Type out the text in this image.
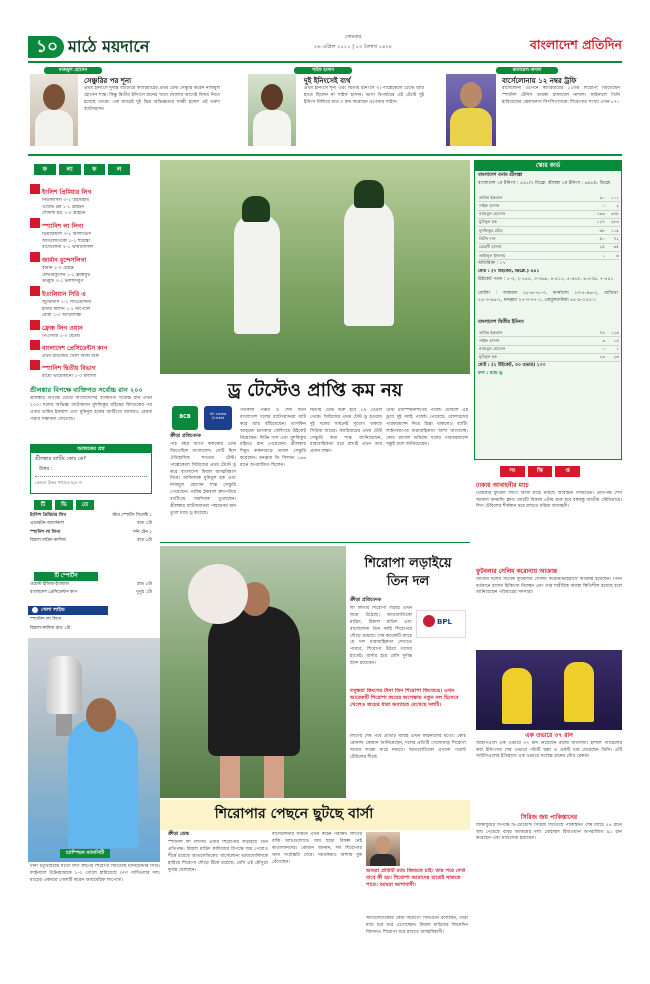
১০ মাঠে ময়দানে	সোমবার
২৬ এপ্রিল ২০২১ | ১৩ বৈশাখ ১৪২৮	বাংলাদেশ প্রতিদিন
নাজমুল হোসেন
সেঞ্চুরির পর শূন্য
প্রথম ইনিংসে দুর্দান্ত ব্যাটিংয়ে ক্যারিয়ারের প্রথম টেস্ট সেঞ্চুরি করেন নাজমুল হোসেন শান্ত। কিন্তু দ্বিতীয় ইনিংসে রানের খাতা খোলার আগেই বিদায় নিতে হয়েছে তাকে। এক ম্যাচেই দুই ভিন্ন অভিজ্ঞতার সাক্ষী হলেন এই তরুণ ব্যাটসম্যান।
সাইফ হাসান
দুই ইনিংসেই ব্যর্থ
প্রথম ইনিংসে শূন্য এবং দ্বিতীয় ইনিংসে ৩। পাল্লেকেলে টেস্টে ব্যাট হাতে ছিলেন না সাইফ হাসান। ভাগ্য বিপর্যয়ের এই টেস্টে দুই ইনিংস মিলিয়ে মাত্র ৩ রান করেছেন ওপেনার সাইফ।
রাফায়েল নাদাল
বার্সেলোনায় ১২ নম্বর ট্রফি
বার্সেলোনা ওপেনে ক্যারিয়ারের ১২তম শিরোপা জিতেছেন স্প্যানিশ টেনিস তারকা রাফায়েল নাদাল। ফাইনালে তিনি হারিয়েছেন স্তেফানোস সিৎসিপাসকে। শিরোপার সংখ্যা এখন ৮৭।
ফ	লা	ফ	ল
ইংলিশ প্রিমিয়ার লিগ
নিউক্যাসল ৩-২ উইস্টহাম
ওয়েস্ট ব্রম ১-১ ব্রাইটন
শেফিল্ড ইউ ১-০ ব্রাইটন
স্প্যানিশ লা লিগা
ভিয়ারিয়াল ৩-২ আলাভেস
আতলেতিকো ২-১ হুয়েস্কা
বার্সেলোনা ২-১ ভায়াদোলিদ
জার্মান বুন্দেসলিগা
বায়ার্ন ২-০ মেইঞ্জ
লেভারকুসেন ১-১ ফ্রাঙ্কফুর্ট
ডর্টমুন্ড ৩-১ ভলফসবুর্গ
ইতালিয়ান সিরি এ
জুভেন্টাস ১-১ ফিওরেন্টিনা
ইন্টার মিলান ১-১ নাপোলি
রোমা ২-০ আতালান্তা
ফ্রেঞ্চ লিগ ওয়ান
পিএসজি ২-০ মেটজ
বাংলাদেশ প্রেসিডেন্টস কাপ
প্রথম রাউন্ডের খেলা আজ শুরু
স্প্যানিশ দ্বিতীয় বিভাগ
রায়ো ভায়েকানো ১-০ মালাগা
শ্রীলঙ্কার বিপক্ষে ব্যক্তিগত সর্বোচ্চ রান ২০০
শ্রীলঙ্কার বিপক্ষে টেস্টে বাংলাদেশের ব্যক্তিগত সর্বোচ্চ রান এখন ২০০। দলের অভিজ্ঞ ব্যাটসম্যান মুশফিকুর রহিমের দ্বিশতকের পর এবার তামিম ইকবাল এবং মুমিনুল হকের ব্যাটিংয়ে আবারও রেকর্ড গড়ার সম্ভাবনা জেগেছে।
আজকের প্রশ্ন
শ্রীলঙ্কার ব্যাটিং কোচ কে?
উত্তর :
কোনো উত্তর পাঠাতে হবে না
টি	ভি	তে
ইংলিশ প্রিমিয়ার লিগ	স্টার স্পোর্টস সিলেক্ট ১
এভারটন-আর্সেনাল	রাত ১টা
স্প্যানিশ লা লিগা	সনি টেন ২
রিয়াল মাদ্রিদ-কাদিজ	রাত ১টা
টি স্পোর্টস
ওয়েস্ট ইন্ডিজ-ইংল্যান্ড	রাত ৮টা
বাংলাদেশ প্রেসিডেন্টস কাপ	দুপুর ১টা
খেলা লাইভ
স্প্যানিশ লা লিগা
রিয়াল-কাদিজ রাত ১টা
চ্যাম্পিয়ন ম্যানসিটি
টানা চতুর্থবারের মতো লিগ কাপের শিরোপা জিতেছে ম্যানচেস্টার সিটি। ফাইনালে টটেনহ্যামকে ১-০ গোলে হারিয়েছে পেপ গার্দিওলার দল। ম্যাচের একমাত্র গোলটি করেন আয়মেরিক লাপোর্ত।
ড্র টেস্টেও প্রাপ্তি কম নয়
BCB	Sri Lanka Cricket
ক্রীড়া প্রতিবেদক
পাঁচ বছর আগে কলম্বোয় টেস্ট জিতেছিল বাংলাদেশ। সেটি ছিল ঐতিহাসিক শততম টেস্ট। পাল্লেকেলে সিরিজের প্রথম টেস্টে ড্র করে বাংলাদেশ ফিরল আত্মবিশ্বাস নিয়ে। অধিনায়ক মুমিনুল হক এবং নাজমুল হোসেন শান্ত সেঞ্চুরি পেয়েছেন। তামিম ইকবাল দ্রুতগতির ব্যাটিংয়ে অর্ধশতক তুলেছেন। শ্রীলঙ্কার ব্যাটসম্যানরা পাহাড়সম রান তুলে ম্যাচ ড্র করেছে।
গতকাল পঞ্চম ও শেষ দিনে বাংলাদেশ দলের ব্যাটসম্যানরা ব্যাট করে ম্যাচ বাঁচিয়েছেন। তাসকিন আহমেদ চমৎকার বোলিংয়ে উইকেট নিয়েছেন। লিটন দাস এবং মুশফিকুর রহিমও রান পেয়েছেন। শ্রীলঙ্কার দিমুথ করুনারত্নে ডাবল সেঞ্চুরি করেছেন। ধনঞ্জয়া ডি সিলভা ১৬৬ রানে অপরাজিত ছিলেন।
দ্বিতীয় টেস্ট শুরু হবে ২৯ এপ্রিল থেকে। সিরিজের প্রথম টেস্ট ড্র হওয়ায় দুই দলের সামনেই সুযোগ থাকছে সিরিজ জয়ের। ক্যারিয়ারের প্রথম টেস্ট সেঞ্চুরি করা শান্ত জানিয়েছেন, ধারাবাহিকতা ধরে রাখাই এখন তার প্রধান লক্ষ্য।
টেস্ট চ্যাম্পিয়নশিপের পয়েন্ট টেবিলে এই ড্রয়ে দুই দলই পয়েন্ট পেয়েছে। বোলারদের পারফরম্যান্স নিয়ে চিন্তা থাকলেও ব্যাটিং লাইনআপের ধারাবাহিকতা আশা জাগাচ্ছে। কোচ রাসেল ডমিঙ্গো দলের পারফরম্যান্সে সন্তুষ্ট বলে জানিয়েছেন।
শিরোপা লড়াইয়ে
তিন দল
ক্রীড়া প্রতিবেদক
লা লিগার শিরোপা লড়াই এখন জমে উঠেছে। আতলেতিকো মাদ্রিদ, রিয়াল মাদ্রিদ এবং বার্সেলোনা তিন দলই শিরোপার দৌড়ে রয়েছে। শেষ কয়েকটি ম্যাচে যে দল ধারাবাহিকতা দেখাতে পারবে, শিরোপা উঠবে তাদের হাতেই। বার্সার হয়ে মেসি দুর্দান্ত ছন্দে রয়েছেন।
BPL
বসুন্ধরা কিংসের টানা তিন শিরোপা জিতেছে। এখন আরেকটি শিরোপা জয়ের অপেক্ষায় নতুন দল হিসেবে খেলেও জয়ের ধারা অব্যাহত রেখেছে দলটি।
লিগের শেষ পর্বে প্রতিটি ম্যাচই এখন ফাইনালের মতো। কোচ রোনাল্ড কোমান জানিয়েছেন, দলের প্রতিটি খেলোয়াড় শিরোপা জয়ের লক্ষ্যে মাঠে নামবে। আতলেতিকো এখনো পয়েন্ট টেবিলের শীর্ষে।
শিরোপার পেছনে ছুটছে বার্সা
ক্রীড়া ডেস্ক
স্প্যানিশ লা লিগায় এবার শিরোপার লড়াইয়ে তিন প্রতিপক্ষ। রিয়াল মাদ্রিদ কাদিজের বিপক্ষে জয় পেলেও শীর্ষে রয়েছে আতলেতিকো। বার্সেলোনা ভায়াদোলিদকে হারিয়ে শিরোপা দৌড়ে টিকে রয়েছে। মেসি এই মৌসুমে দুর্দান্ত খেলছেন।
বার্সেলোনার সামনে এখন কঠিন পরীক্ষা। লিগের বাকি ম্যাচগুলোতে জয় ছাড়া বিকল্প নেই কাতালানদের। কোমান জানান, দল শিরোপার জন্য সর্বোচ্চটা দেবে। সমর্থকরাও আশায় বুক বেঁধেছেন।
আমরা প্রতিটি ম্যাচ জিততে চাই। তার পরে দেখা যাবে কী হয়। শিরোপা আমাদের হাতেই থাকতে পারে। আমরা আশাবাদী।
আতলেতিকোর কোচ দিয়েগো সিমিওনে বলেছেন, তারা ম্যাচ ধরে ধরে এগোচ্ছেন। রিয়াল মাদ্রিদের জিনেদিন জিদানও শিরোপা ধরে রাখতে আত্মবিশ্বাসী।
স্কোর কার্ড
বাংলাদেশ বনাম শ্রীলঙ্কা
বাংলাদেশ ১ম ইনিংস : ৫৪১/৭ ডিক্লে. শ্রীলঙ্কা ১ম ইনিংস : ৬৪৮/৮ ডিক্লে.
তামিম ইকবাল	৯০	১০১
সাইফ হাসান	০	২
নাজমুল হোসেন	১৬৩	৩৭৮
মুমিনুল হক	১২৭	২৮৪
মুশফিকুর রহিম	৬৮	১১৫
লিটন দাস	৫০	৭২
মেহেদী হাসান	২৫	৩৫
তাইজুল ইসলাম	১	৬
অতিরিক্ত : ১৭
মোট : (৭ উইকেট, ডিক্লে.) ৫৪১
উইকেট পতন : ১-৩, ২-১৪৪, ৩-৩৬৬, ৪-৪১১, ৫-৪৬০, ৬-৫৩৯, ৭-৫৪১
বোলিং : লাকমল ২৮-৬-৭৮-০, ফার্নান্দো ২৩-৫-৯৬-২, রাজিথা ২৪-৩-৯৬-১, ধনঞ্জয়া ২৭-৩-৭৭-১, এমবুলদেনিয়া ৪৫-৯-১৩৫-১
বাংলাদেশ দ্বিতীয় ইনিংস
তামিম ইকবাল	৭৪	১২৬
সাইফ হাসান	৩	১৪
নাজমুল হোসেন	০	১
মুমিনুল হক	২৩	২৬
মোট : (২ উইকেট, ৩৩ ওভার) ১০০
ফল : ম্যাচ ড্র
সং	ক্ষি	প্ত
ঢাকায় আবাহনীর ম্যাচ
প্রিমিয়ার ফুটবল লিগে আজ মাঠে নামছে আবাহনী লিমিটেড। প্রতিপক্ষ শেখ জামাল ধানমন্ডি ক্লাব। ম্যাচটি বিকাল ৪টায় শুরু হবে বঙ্গবন্ধু জাতীয় স্টেডিয়ামে। লিগ টেবিলের শীর্ষস্থান ধরে রাখতে মরিয়া আবাহনী।
ফুটবলার সেলিম করোনায় আক্রান্ত
জাতীয় দলের সাবেক ফুটবলার সেলিম করোনাভাইরাসে আক্রান্ত হয়েছেন। তিনি বর্তমানে বাসায় চিকিৎসা নিচ্ছেন এবং তার শারীরিক অবস্থা স্থিতিশীল রয়েছে বলে জানিয়েছেন পরিবারের সদস্যরা।
এক ওভারে ৩৭ রান
আইপিএলে এক ওভারে ৩৭ রান নিয়েছেন রবীন্দ্র জাদেজা। হার্শাল প্যাটেলের করা ইনিংসের শেষ ওভারে পাঁচটি ছক্কা ও একটি চার মেরেছেন তিনি। এটি আইপিএলের ইতিহাসে এক ওভারে সর্বোচ্চ রানের যৌথ রেকর্ড।
সিরিজ জয় পাকিস্তানের
জিম্বাবুয়ের বিপক্ষে টি-টোয়েন্টি সিরিজ জিতেছে পাকিস্তান। শেষ ম্যাচে ২৪ রানে জয় পেয়েছে বাবর আজমের দল। মোহাম্মদ রিজওয়ান অপরাজিত ৯১ রান করেছেন এবং ম্যাচসেরা হয়েছেন।
